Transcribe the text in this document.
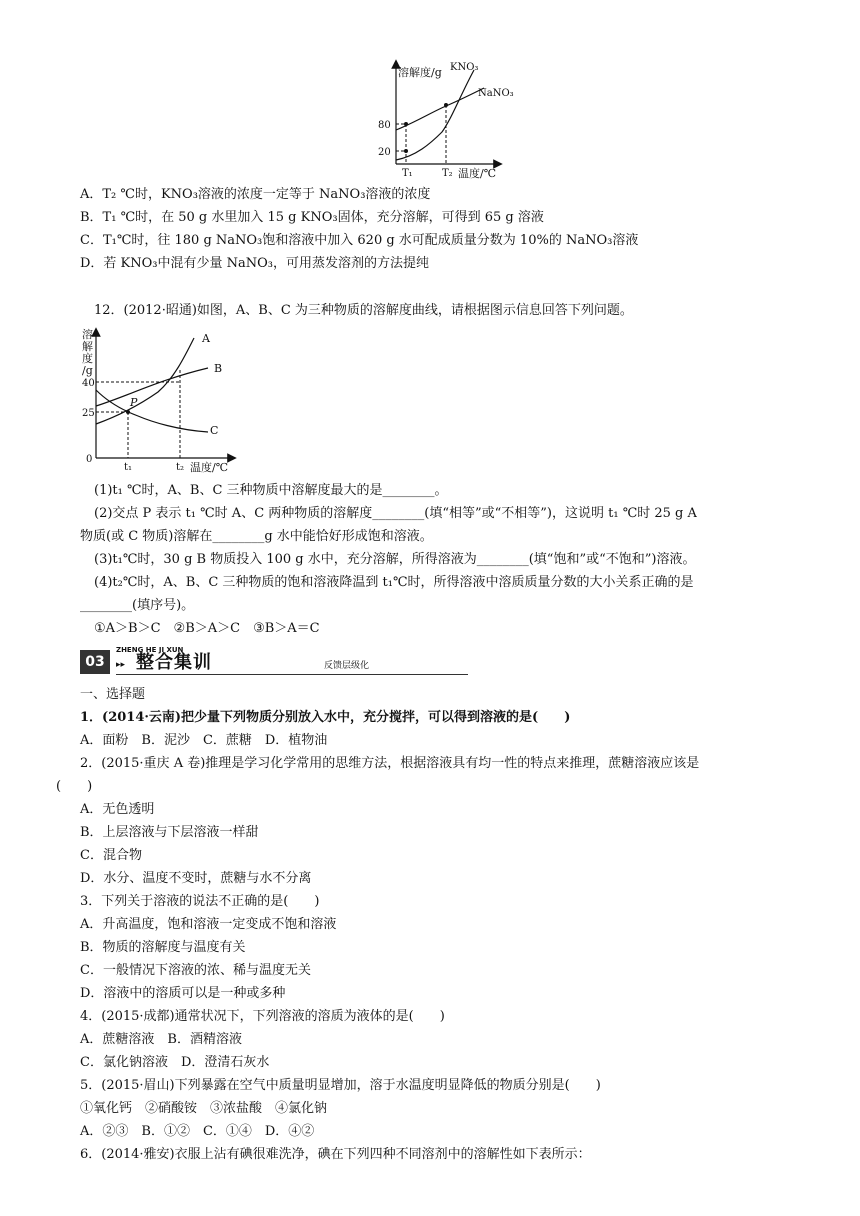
溶解度/g KNO₃
NaNO₃
80
20
T₁	T₂ 温度/℃
A．T₂ ℃时，KNO₃溶液的浓度一定等于 NaNO₃溶液的浓度
B．T₁ ℃时，在 50 g 水里加入 15 g KNO₃固体，充分溶解，可得到 65 g 溶液
C．T₁℃时，往 180 g NaNO₃饱和溶液中加入 620 g 水可配成质量分数为 10%的 NaNO₃溶液
D．若 KNO₃中混有少量 NaNO₃，可用蒸发溶剂的方法提纯
12．(2012·昭通)如图，A、B、C 为三种物质的溶解度曲线，请根据图示信息回答下列问题。
溶
解
度
/g
P
40
25
0
t₁	t₂ 温度/℃
A
B
C
(1)t₁ ℃时，A、B、C 三种物质中溶解度最大的是________。
(2)交点 P 表示 t₁ ℃时 A、C 两种物质的溶解度________(填“相等”或“不相等”)，这说明 t₁ ℃时 25 g A
物质(或 C 物质)溶解在________g 水中能恰好形成饱和溶液。
(3)t₁℃时，30 g B 物质投入 100 g 水中，充分溶解，所得溶液为________(填“饱和”或“不饱和”)溶液。
(4)t₂℃时，A、B、C 三种物质的饱和溶液降温到 t₁℃时，所得溶液中溶质质量分数的大小关系正确的是
________(填序号)。
①A＞B＞C　②B＞A＞C　③B＞A＝C
03
ZHENG HE JI XUN
▸▸ 整合集训	反馈层级化
一、选择题
1．(2014·云南)把少量下列物质分别放入水中，充分搅拌，可以得到溶液的是(　　)
A．面粉　B．泥沙　C．蔗糖　D．植物油
2．(2015·重庆 A 卷)推理是学习化学常用的思维方法，根据溶液具有均一性的特点来推理，蔗糖溶液应该是
(　　)
A．无色透明
B．上层溶液与下层溶液一样甜
C．混合物
D．水分、温度不变时，蔗糖与水不分离
3．下列关于溶液的说法不正确的是(　　)
A．升高温度，饱和溶液一定变成不饱和溶液
B．物质的溶解度与温度有关
C．一般情况下溶液的浓、稀与温度无关
D．溶液中的溶质可以是一种或多种
4．(2015·成都)通常状况下，下列溶液的溶质为液体的是(　　)
A．蔗糖溶液　B．酒精溶液
C．氯化钠溶液　D．澄清石灰水
5．(2015·眉山)下列暴露在空气中质量明显增加，溶于水温度明显降低的物质分别是(　　)
①氧化钙　②硝酸铵　③浓盐酸　④氯化钠
A．②③　B．①②　C．①④　D．④②
6．(2014·雅安)衣服上沾有碘很难洗净，碘在下列四种不同溶剂中的溶解性如下表所示：
